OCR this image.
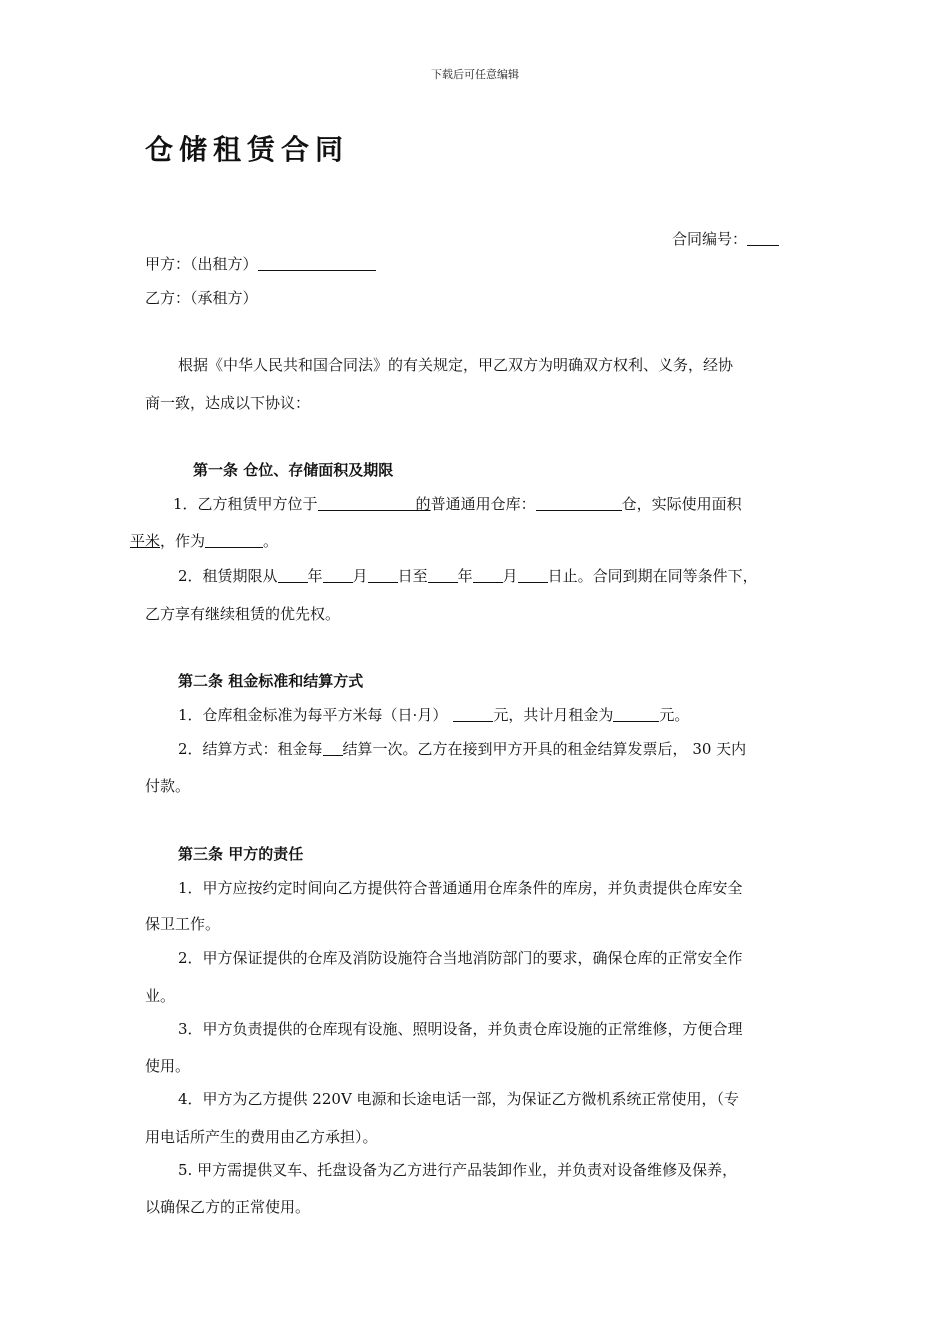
下载后可任意编辑
仓储租赁合同
合同编号：
甲方：（出租方）
乙方：（承租方）
根据《中华人民共和国合同法》的有关规定，甲乙双方为明确双方权利、义务，经协
商一致，达成以下协议：
第一条 仓位、存储面积及期限
1．乙方租赁甲方位于	的普通通用仓库：	仓，实际使用面积
平米，作为	。
2．租赁期限从 年 月 日至 年 月 日止。合同到期在同等条件下，
乙方享有继续租赁的优先权。
第二条 租金标准和结算方式
1．仓库租金标准为每平方米每（日·月）	元，共计月租金为	元。
2．结算方式：租金每 结算一次。乙方在接到甲方开具的租金结算发票后， 30 天内
付款。
第三条 甲方的责任
1．甲方应按约定时间向乙方提供符合普通通用仓库条件的库房，并负责提供仓库安全
保卫工作。
2．甲方保证提供的仓库及消防设施符合当地消防部门的要求，确保仓库的正常安全作
业。
3．甲方负责提供的仓库现有设施、照明设备，并负责仓库设施的正常维修，方便合理
使用。
4．甲方为乙方提供 220V 电源和长途电话一部，为保证乙方微机系统正常使用，（专
用电话所产生的费用由乙方承担）。
5. 甲方需提供叉车、托盘设备为乙方进行产品装卸作业，并负责对设备维修及保养，
以确保乙方的正常使用。
